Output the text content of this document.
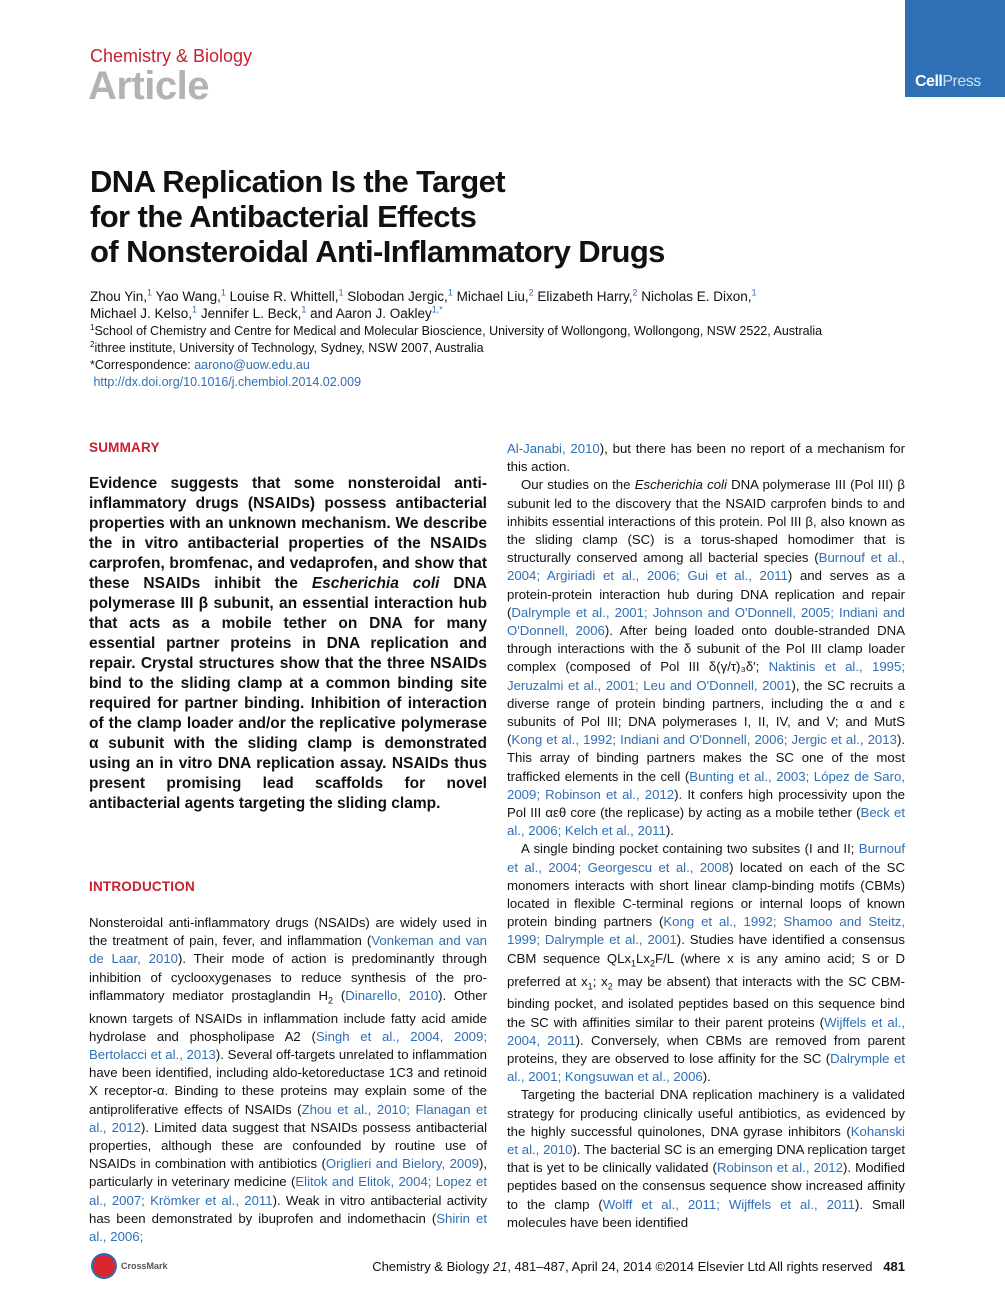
CellPress
Chemistry & Biology
Article
DNA Replication Is the Target
for the Antibacterial Effects
of Nonsteroidal Anti-Inflammatory Drugs
Zhou Yin,$^1$ Yao Wang,$^1$ Louise R. Whittell,$^1$ Slobodan Jergic,$^1$ Michael Liu,$^2$ Elizabeth Harry,$^2$ Nicholas E. Dixon,$^1$
Michael J. Kelso,$^1$ Jennifer L. Beck,$^1$ and Aaron J. Oakley$^{1,*}$
$^1$School of Chemistry and Centre for Medical and Molecular Bioscience, University of Wollongong, Wollongong, NSW 2522, Australia
$^2$ithree institute, University of Technology, Sydney, NSW 2007, Australia
*Correspondence: aarono@uow.edu.au
http://dx.doi.org/10.1016/j.chembiol.2014.02.009
SUMMARY
Evidence suggests that some nonsteroidal anti-inflammatory drugs (NSAIDs) possess antibacterial properties with an unknown mechanism. We describe the in vitro antibacterial properties of the NSAIDs carprofen, bromfenac, and vedaprofen, and show that these NSAIDs inhibit the Escherichia coli DNA polymerase III β subunit, an essential interaction hub that acts as a mobile tether on DNA for many essential partner proteins in DNA replication and repair. Crystal structures show that the three NSAIDs bind to the sliding clamp at a common binding site required for partner binding. Inhibition of interaction of the clamp loader and/or the replicative polymerase α subunit with the sliding clamp is demonstrated using an in vitro DNA replication assay. NSAIDs thus present promising lead scaffolds for novel antibacterial agents targeting the sliding clamp.
INTRODUCTION

Nonsteroidal anti-inflammatory drugs (NSAIDs) are widely used in the treatment of pain, fever, and inflammation (Vonkeman and van de Laar, 2010). Their mode of action is predominantly through inhibition of cyclooxygenases to reduce synthesis of the pro-inflammatory mediator prostaglandin $H_2$ (Dinarello, 2010). Other known targets of NSAIDs in inflammation include fatty acid amide hydrolase and phospholipase A2 (Singh et al., 2004, 2009; Bertolacci et al., 2013). Several off-targets unrelated to inflammation have been identified, including aldo-ketoreductase 1C3 and retinoid X receptor-α. Binding to these proteins may explain some of the antiproliferative effects of NSAIDs (Zhou et al., 2010; Flanagan et al., 2012). Limited data suggest that NSAIDs possess antibacterial properties, although these are confounded by routine use of NSAIDs in combination with antibiotics (Origlieri and Bielory, 2009), particularly in veterinary medicine (Elitok and Elitok, 2004; Lopez et al., 2007; Krömker et al., 2011). Weak in vitro antibacterial activity has been demonstrated by ibuprofen and indomethacin (Shirin et al., 2006;

Al-Janabi, 2010), but there has been no report of a mechanism for this action.

Our studies on the Escherichia coli DNA polymerase III (Pol III) β subunit led to the discovery that the NSAID carprofen binds to and inhibits essential interactions of this protein. Pol III β, also known as the sliding clamp (SC) is a torus-shaped homodimer that is structurally conserved among all bacterial species (Burnouf et al., 2004; Argiriadi et al., 2006; Gui et al., 2011) and serves as a protein-protein interaction hub during DNA replication and repair (Dalrymple et al., 2001; Johnson and O'Donnell, 2005; Indiani and O'Donnell, 2006). After being loaded onto double-stranded DNA through interactions with the δ subunit of the Pol III clamp loader complex (composed of Pol III δ(γ/τ)₃δ′; Naktinis et al., 1995; Jeruzalmi et al., 2001; Leu and O'Donnell, 2001), the SC recruits a diverse range of protein binding partners, including the α and ε subunits of Pol III; DNA polymerases I, II, IV, and V; and MutS (Kong et al., 1992; Indiani and O'Donnell, 2006; Jergic et al., 2013). This array of binding partners makes the SC one of the most trafficked elements in the cell (Bunting et al., 2003; López de Saro, 2009; Robinson et al., 2012). It confers high processivity upon the Pol III αεθ core (the replicase) by acting as a mobile tether (Beck et al., 2006; Kelch et al., 2011).

A single binding pocket containing two subsites (I and II; Burnouf et al., 2004; Georgescu et al., 2008) located on each of the SC monomers interacts with short linear clamp-binding motifs (CBMs) located in flexible C-terminal regions or internal loops of known protein binding partners (Kong et al., 1992; Shamoo and Steitz, 1999; Dalrymple et al., 2001). Studies have identified a consensus CBM sequence $QLx_1Lx_2F/L$ (where x is any amino acid; S or D preferred at $x_1$; $x_2$ may be absent) that interacts with the SC CBM-binding pocket, and isolated peptides based on this sequence bind the SC with affinities similar to their parent proteins (Wijffels et al., 2004, 2011). Conversely, when CBMs are removed from parent proteins, they are observed to lose affinity for the SC (Dalrymple et al., 2001; Kongsuwan et al., 2006).

Targeting the bacterial DNA replication machinery is a validated strategy for producing clinically useful antibiotics, as evidenced by the highly successful quinolones, DNA gyrase inhibitors (Kohanski et al., 2010). The bacterial SC is an emerging DNA replication target that is yet to be clinically validated (Robinson et al., 2012). Modified peptides based on the consensus sequence show increased affinity to the clamp (Wolff et al., 2011; Wijffels et al., 2011). Small molecules have been identified

CrossMark	Chemistry & Biology 21, 481–487, April 24, 2014 ©2014 Elsevier Ltd All rights reserved 481
